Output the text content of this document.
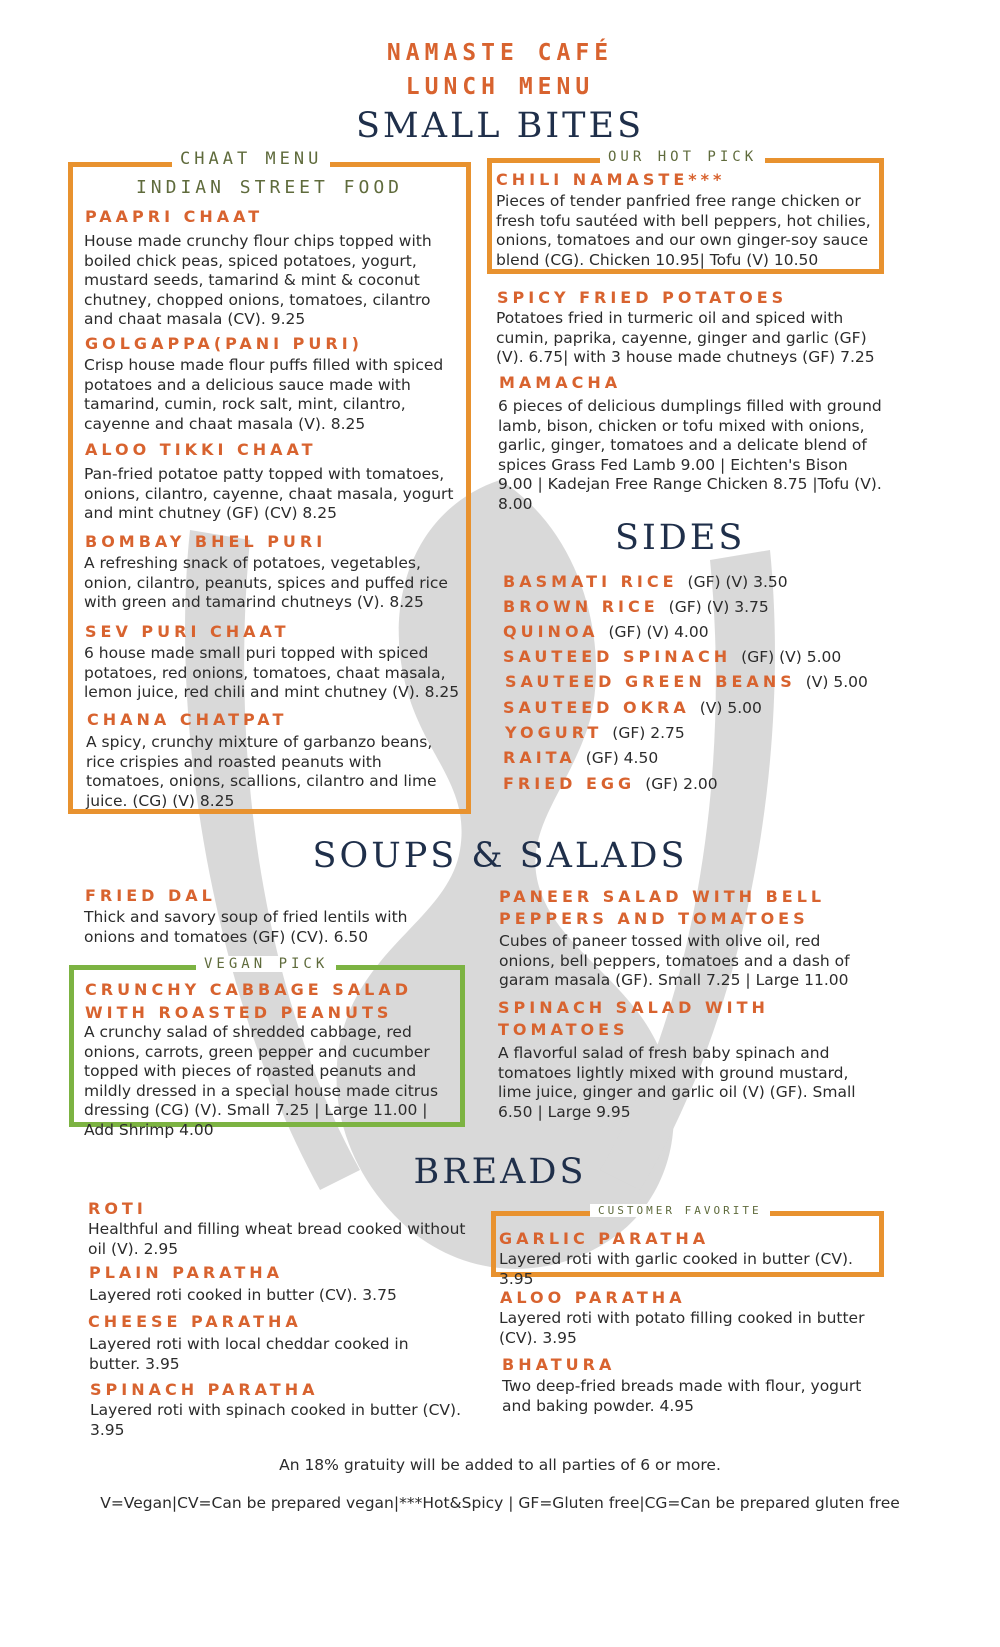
NAMASTE CAFÉ
LUNCH MENU
SMALL BITES
CHAAT MENU
INDIAN STREET FOOD
PAAPRI CHAAT
House made crunchy flour chips topped with boiled chick peas, spiced potatoes, yogurt, mustard seeds, tamarind & mint & coconut chutney, chopped onions, tomatoes, cilantro and chaat masala (CV). 9.25
GOLGAPPA(PANI PURI)
Crisp house made flour puffs filled with spiced potatoes and a delicious sauce made with tamarind, cumin, rock salt, mint, cilantro, cayenne and chaat masala (V). 8.25
ALOO TIKKI CHAAT
Pan-fried potatoe patty topped with tomatoes, onions, cilantro, cayenne, chaat masala, yogurt and mint chutney (GF) (CV) 8.25
BOMBAY BHEL PURI
A refreshing snack of potatoes, vegetables, onion, cilantro, peanuts, spices and puffed rice with green and tamarind chutneys (V). 8.25
SEV PURI CHAAT
6 house made small puri topped with spiced potatoes, red onions, tomatoes, chaat masala, lemon juice, red chili and mint chutney (V). 8.25
CHANA CHATPAT
A spicy, crunchy mixture of garbanzo beans, rice crispies and roasted peanuts with tomatoes, onions, scallions, cilantro and lime juice. (CG) (V) 8.25
OUR HOT PICK
CHILI NAMASTE***
Pieces of tender panfried free range chicken or fresh tofu sautéed with bell peppers, hot chilies, onions, tomatoes and our own ginger-soy sauce blend (CG). Chicken 10.95| Tofu (V) 10.50
SPICY FRIED POTATOES
Potatoes fried in turmeric oil and spiced with cumin, paprika, cayenne, ginger and garlic (GF) (V). 6.75| with 3 house made chutneys (GF) 7.25
MAMACHA
6 pieces of delicious dumplings filled with ground lamb, bison, chicken or tofu mixed with onions, garlic, ginger, tomatoes and a delicate blend of spices Grass Fed Lamb 9.00 | Eichten's Bison 9.00 | Kadejan Free Range Chicken 8.75 |Tofu (V). 8.00
SIDES
BASMATI RICE (GF) (V) 3.50
BROWN RICE (GF) (V) 3.75
QUINOA (GF) (V) 4.00
SAUTEED SPINACH (GF) (V) 5.00
SAUTEED GREEN BEANS (V) 5.00
SAUTEED OKRA (V) 5.00
YOGURT (GF) 2.75
RAITA (GF) 4.50
FRIED EGG (GF) 2.00
SOUPS & SALADS
FRIED DAL
Thick and savory soup of fried lentils with onions and tomatoes (GF) (CV). 6.50
VEGAN PICK
CRUNCHY CABBAGE SALAD WITH ROASTED PEANUTS
A crunchy salad of shredded cabbage, red onions, carrots, green pepper and cucumber topped with pieces of roasted peanuts and mildly dressed in a special house made citrus dressing (CG) (V). Small 7.25 | Large 11.00 | Add Shrimp 4.00
PANEER SALAD WITH BELL PEPPERS AND TOMATOES
Cubes of paneer tossed with olive oil, red onions, bell peppers, tomatoes and a dash of garam masala (GF). Small 7.25 | Large 11.00
SPINACH SALAD WITH TOMATOES
A flavorful salad of fresh baby spinach and tomatoes lightly mixed with ground mustard, lime juice, ginger and garlic oil (V) (GF). Small 6.50 | Large 9.95
BREADS
ROTI
Healthful and filling wheat bread cooked without oil (V). 2.95
PLAIN PARATHA
Layered roti cooked in butter (CV). 3.75
CHEESE PARATHA
Layered roti with local cheddar cooked in butter. 3.95
SPINACH PARATHA
Layered roti with spinach cooked in butter (CV). 3.95
CUSTOMER FAVORITE
GARLIC PARATHA
Layered roti with garlic cooked in butter (CV). 3.95
ALOO PARATHA
Layered roti with potato filling cooked in butter (CV). 3.95
BHATURA
Two deep-fried breads made with flour, yogurt and baking powder. 4.95
An 18% gratuity will be added to all parties of 6 or more.
V=Vegan|CV=Can be prepared vegan|***Hot&Spicy | GF=Gluten free|CG=Can be prepared gluten free
